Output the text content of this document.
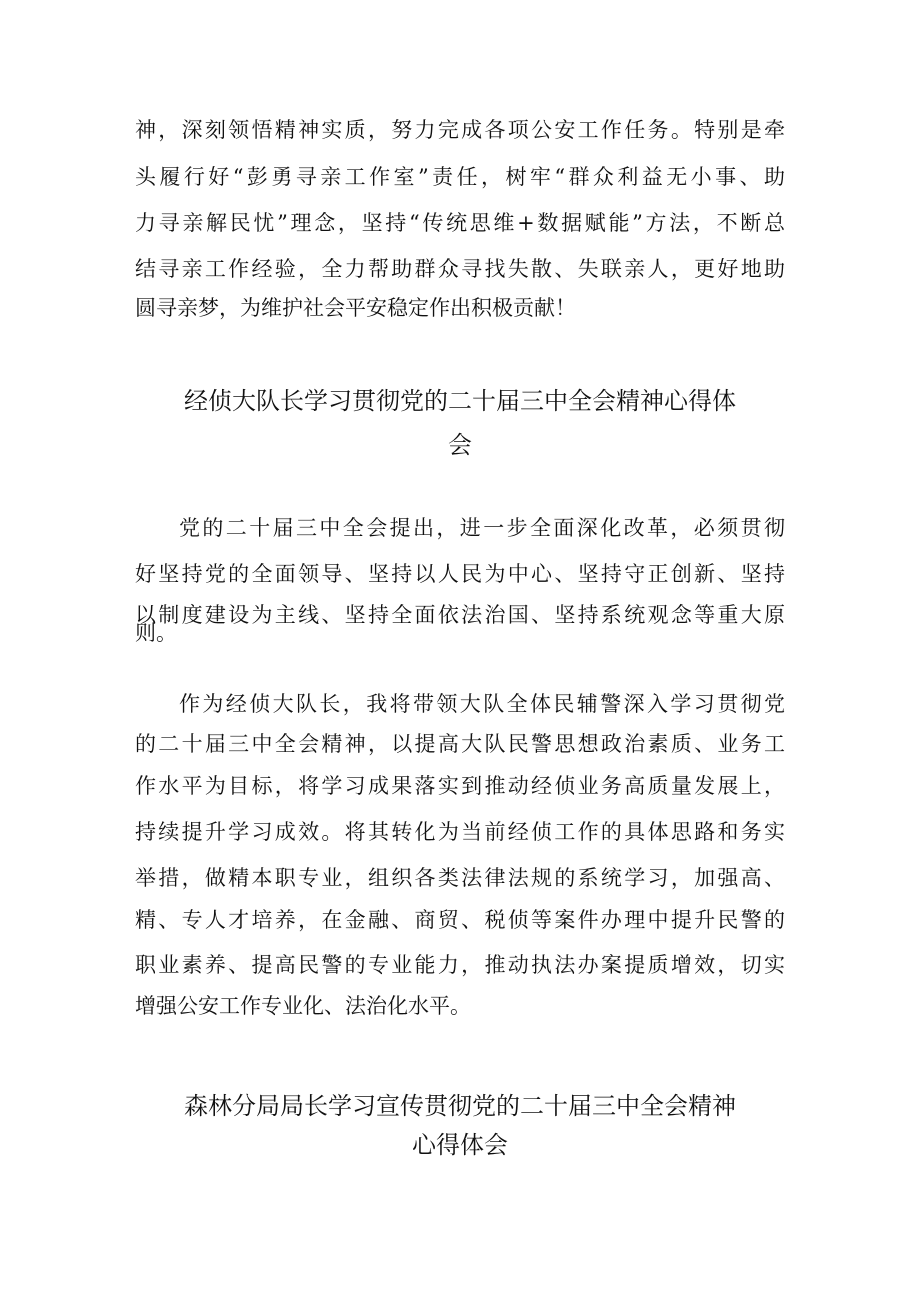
神，深刻领悟精神实质，努力完成各项公安工作任务。特别是牵
头履行好“彭勇寻亲工作室”责任，树牢“群众利益无小事、助
力寻亲解民忧”理念，坚持“传统思维+数据赋能”方法，不断总
结寻亲工作经验，全力帮助群众寻找失散、失联亲人，更好地助
圆寻亲梦，为维护社会平安稳定作出积极贡献！
经侦大队长学习贯彻党的二十届三中全会精神心得体
会
党的二十届三中全会提出，进一步全面深化改革，必须贯彻
好坚持党的全面领导、坚持以人民为中心、坚持守正创新、坚持
以制度建设为主线、坚持全面依法治国、坚持系统观念等重大原
则。
作为经侦大队长，我将带领大队全体民辅警深入学习贯彻党
的二十届三中全会精神，以提高大队民警思想政治素质、业务工
作水平为目标，将学习成果落实到推动经侦业务高质量发展上，
持续提升学习成效。将其转化为当前经侦工作的具体思路和务实
举措，做精本职专业，组织各类法律法规的系统学习，加强高、
精、专人才培养，在金融、商贸、税侦等案件办理中提升民警的
职业素养、提高民警的专业能力，推动执法办案提质增效，切实
增强公安工作专业化、法治化水平。
森林分局局长学习宣传贯彻党的二十届三中全会精神
心得体会
